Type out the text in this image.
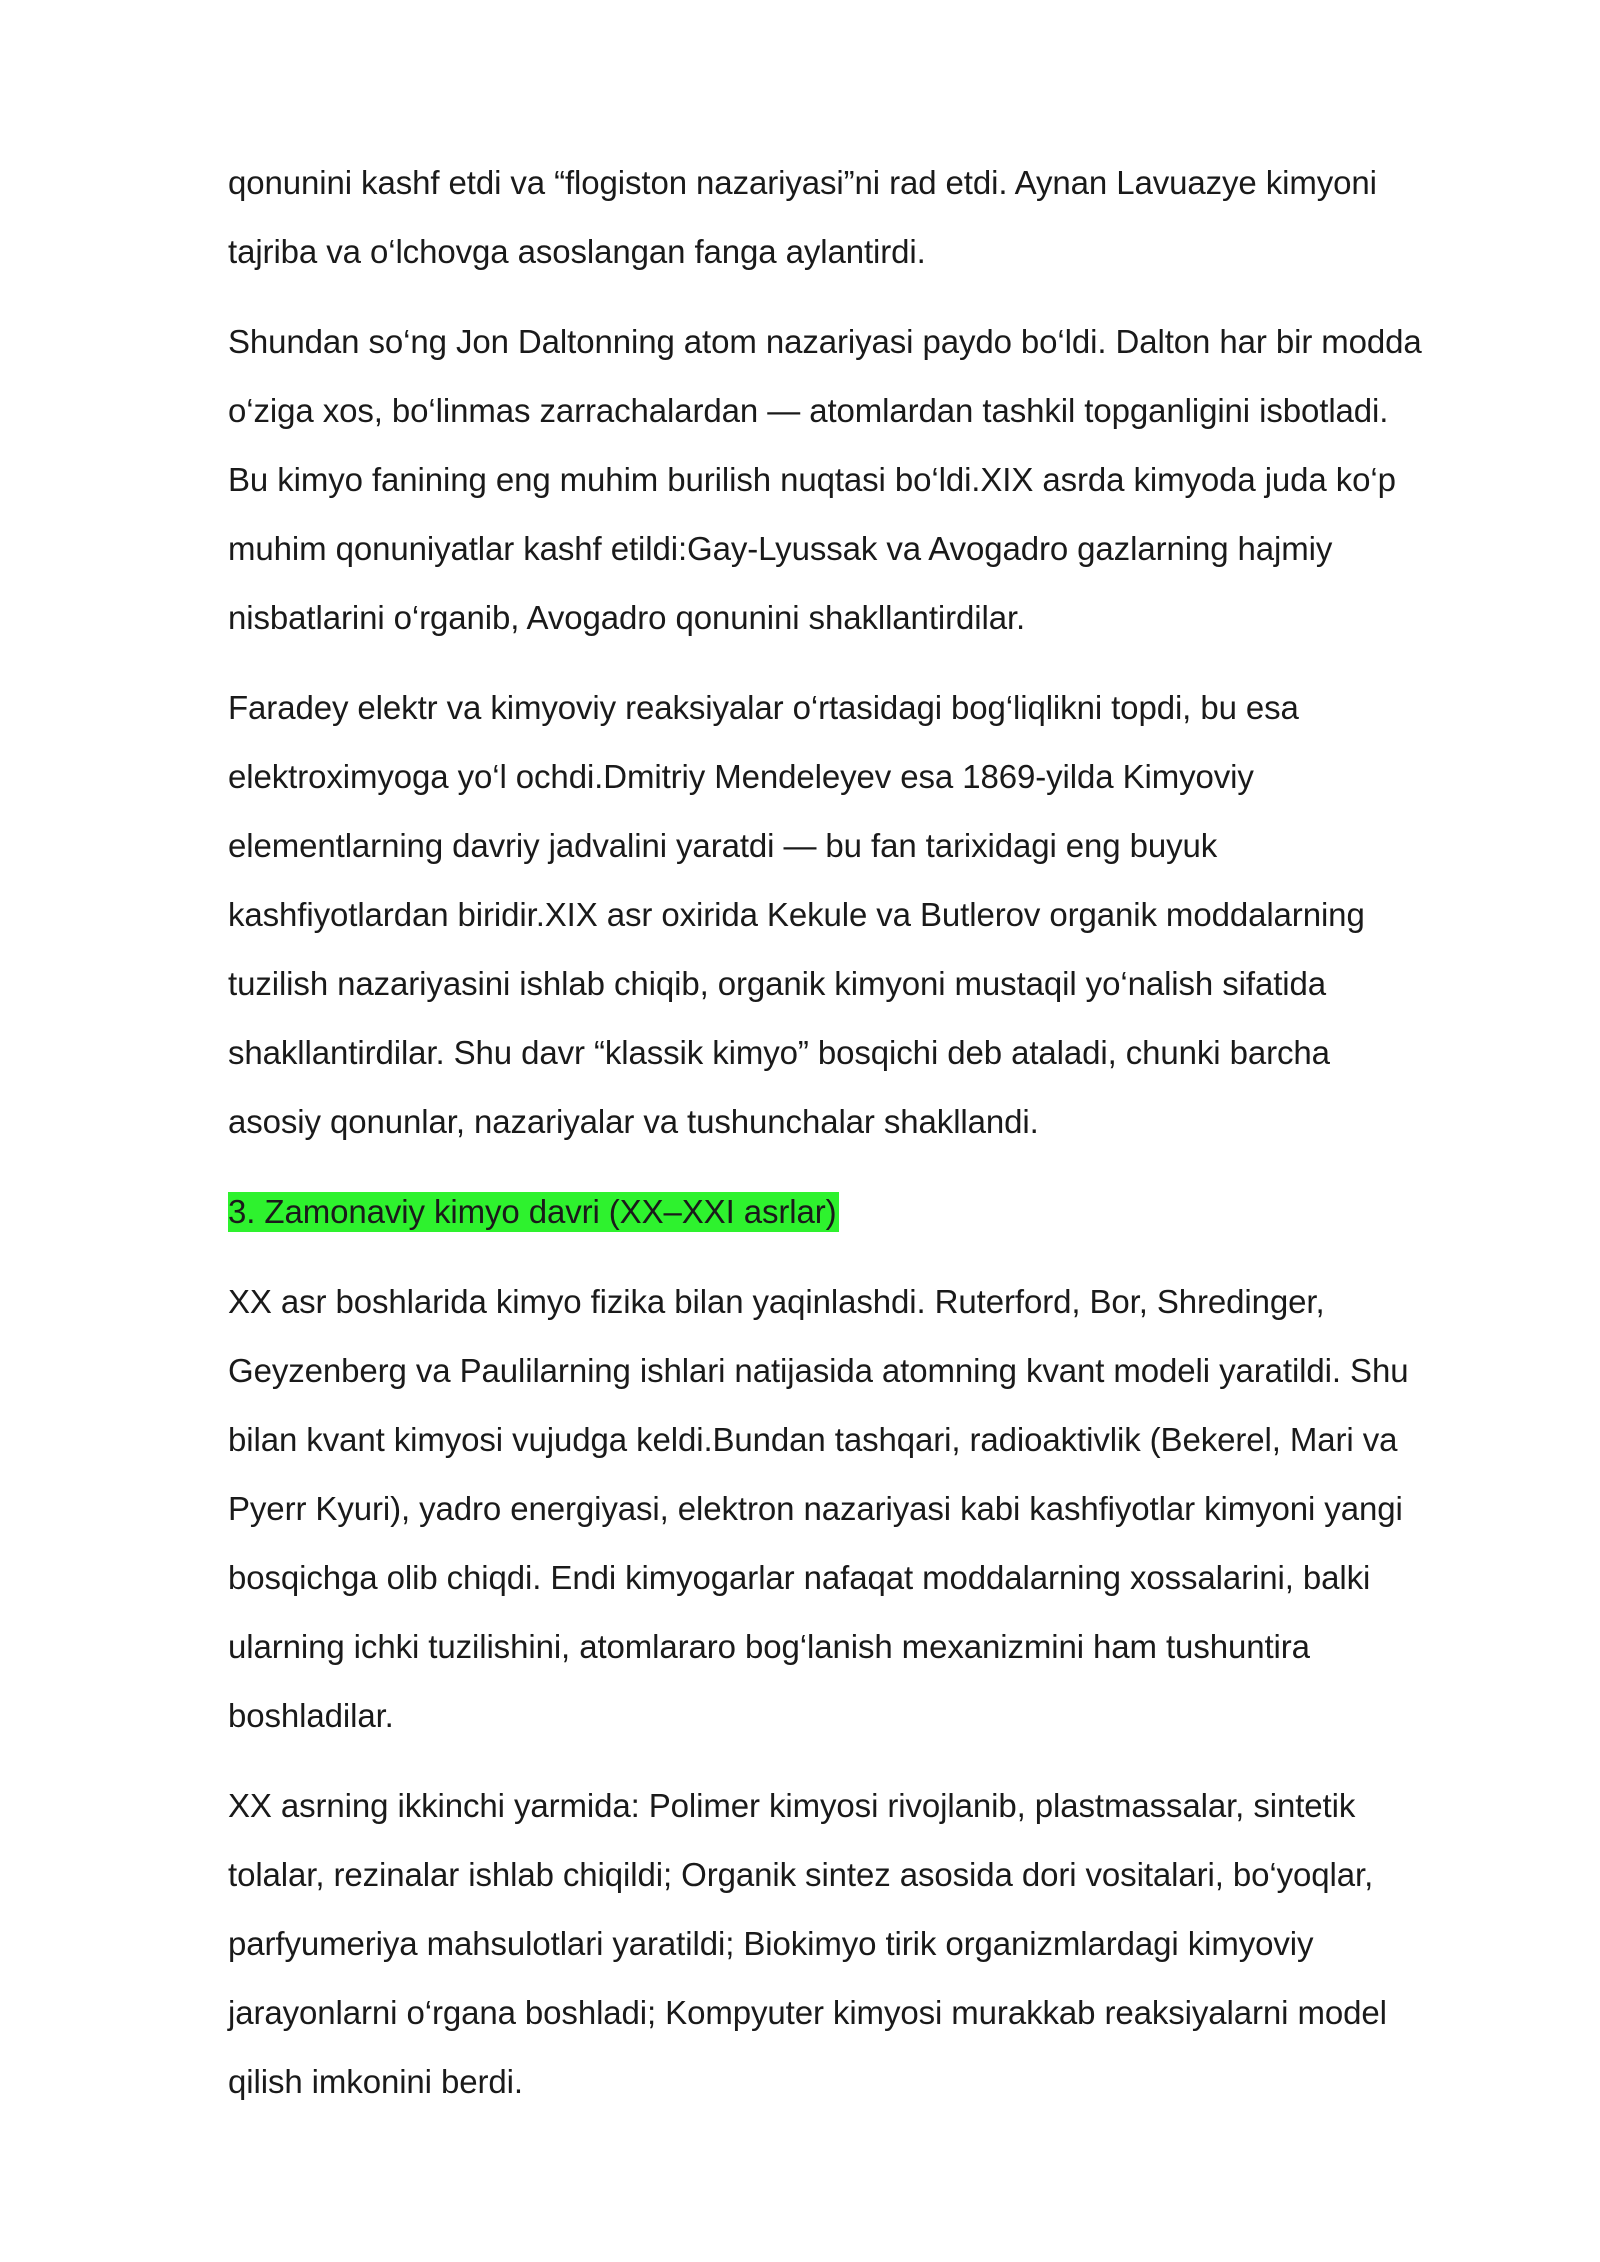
qonunini kashf etdi va “flogiston nazariyasi”ni rad etdi. Aynan Lavuazye kimyoni
tajriba va o‘lchovga asoslangan fanga aylantirdi.
Shundan so‘ng Jon Daltonning atom nazariyasi paydo bo‘ldi. Dalton har bir modda
o‘ziga xos, bo‘linmas zarrachalardan — atomlardan tashkil topganligini isbotladi.
Bu kimyo fanining eng muhim burilish nuqtasi bo‘ldi.XIX asrda kimyoda juda ko‘p
muhim qonuniyatlar kashf etildi:Gay-Lyussak va Avogadro gazlarning hajmiy
nisbatlarini o‘rganib, Avogadro qonunini shakllantirdilar.
Faradey elektr va kimyoviy reaksiyalar o‘rtasidagi bog‘liqlikni topdi, bu esa
elektroximyoga yo‘l ochdi.Dmitriy Mendeleyev esa 1869-yilda Kimyoviy
elementlarning davriy jadvalini yaratdi — bu fan tarixidagi eng buyuk
kashfiyotlardan biridir.XIX asr oxirida Kekule va Butlerov organik moddalarning
tuzilish nazariyasini ishlab chiqib, organik kimyoni mustaqil yo‘nalish sifatida
shakllantirdilar. Shu davr “klassik kimyo” bosqichi deb ataladi, chunki barcha
asosiy qonunlar, nazariyalar va tushunchalar shakllandi.
3. Zamonaviy kimyo davri (XX–XXI asrlar)
XX asr boshlarida kimyo fizika bilan yaqinlashdi. Ruterford, Bor, Shredinger,
Geyzenberg va Paulilarning ishlari natijasida atomning kvant modeli yaratildi. Shu
bilan kvant kimyosi vujudga keldi.Bundan tashqari, radioaktivlik (Bekerel, Mari va
Pyerr Kyuri), yadro energiyasi, elektron nazariyasi kabi kashfiyotlar kimyoni yangi
bosqichga olib chiqdi. Endi kimyogarlar nafaqat moddalarning xossalarini, balki
ularning ichki tuzilishini, atomlararo bog‘lanish mexanizmini ham tushuntira
boshladilar.
XX asrning ikkinchi yarmida: Polimer kimyosi rivojlanib, plastmassalar, sintetik
tolalar, rezinalar ishlab chiqildi; Organik sintez asosida dori vositalari, bo‘yoqlar,
parfyumeriya mahsulotlari yaratildi; Biokimyo tirik organizmlardagi kimyoviy
jarayonlarni o‘rgana boshladi; Kompyuter kimyosi murakkab reaksiyalarni model
qilish imkonini berdi.
